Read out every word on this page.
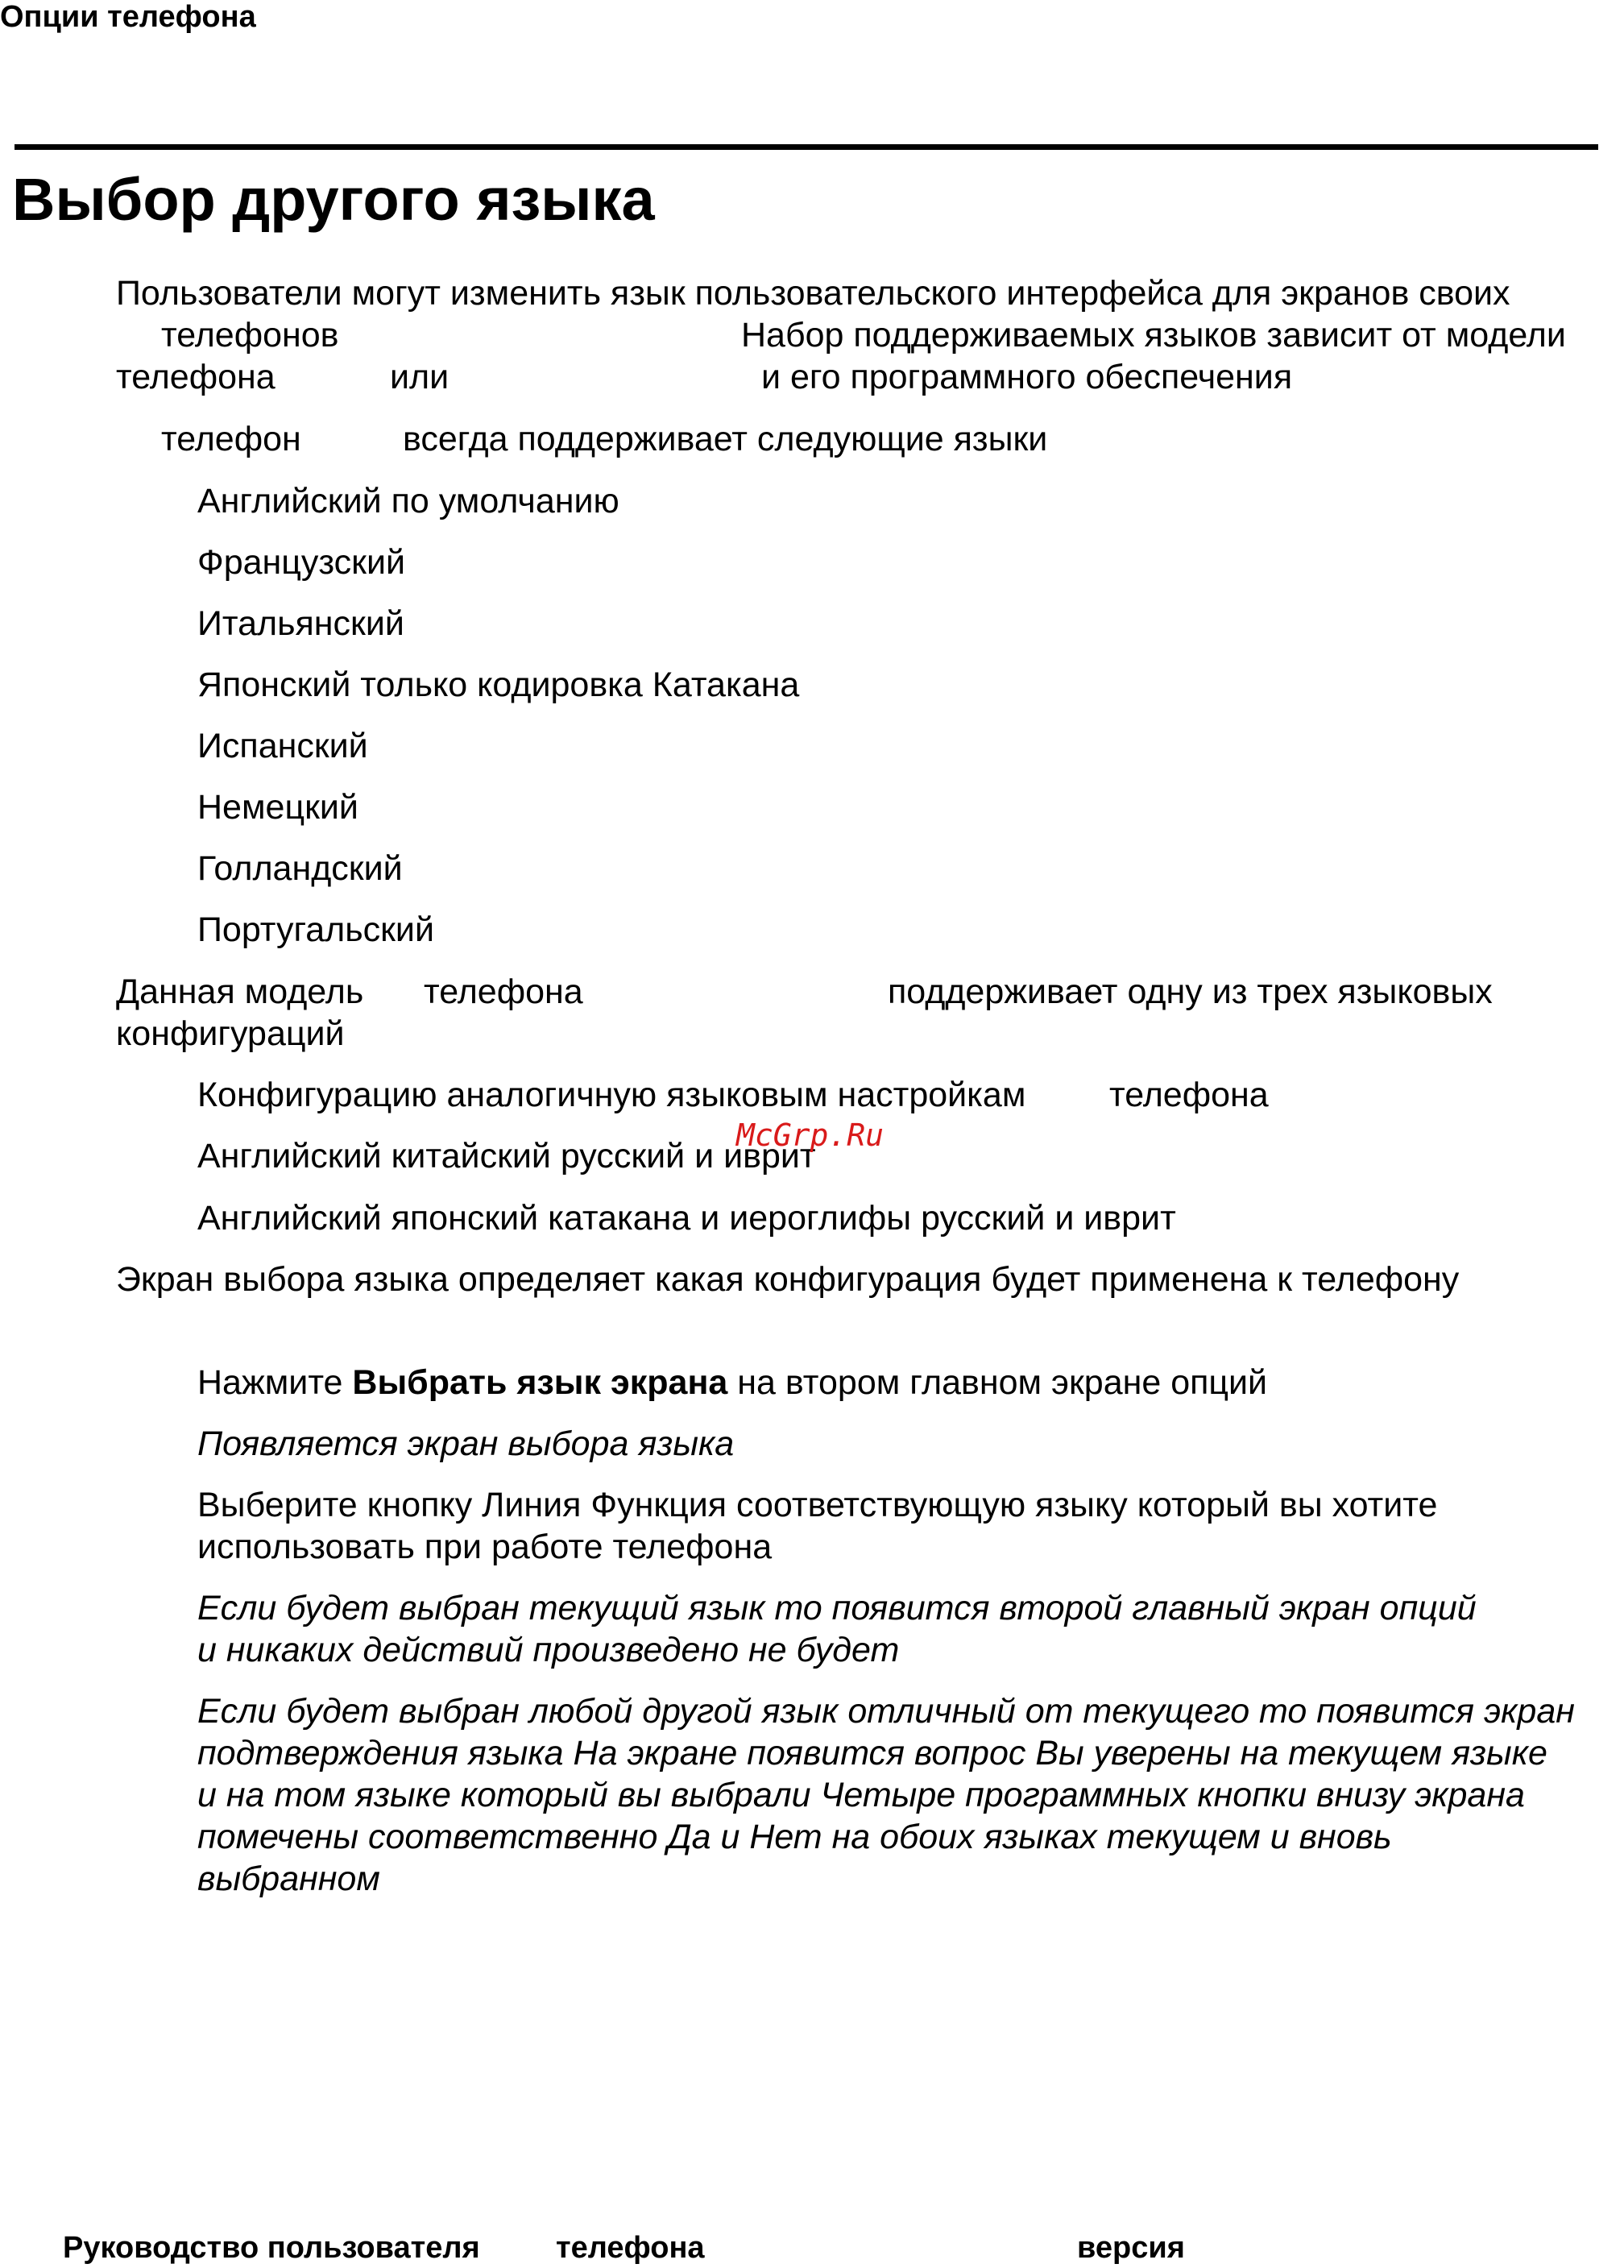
Опции телефона
Выбор другого языка
Пользователи могут изменить язык пользовательского интерфейса для экранов своих
телефонов	Набор поддерживаемых языков зависит от модели
телефона	или	и его программного обеспечения
телефон	всегда поддерживает следующие языки
Английский по умолчанию
Французский
Итальянский
Японский только кодировка Катакана
Испанский
Немецкий
Голландский
Португальский
Данная модель телефона	поддерживает одну из трех языковых
конфигураций
Конфигурацию аналогичную языковым настройкам телефона
Английский китайский русский и иврит
Английский японский катакана и иероглифы русский и иврит
McGrp.Ru
Экран выбора языка определяет какая конфигурация будет применена к телефону
Нажмите Выбрать язык экрана на втором главном экране опций
Появляется экран выбора языка
Выберите кнопку Линия Функция соответствующую языку который вы хотите
использовать при работе телефона
Если будет выбран текущий язык то появится второй главный экран опций
и никаких действий произведено не будет
Если будет выбран любой другой язык отличный от текущего то появится экран
подтверждения языка На экране появится вопрос Вы уверены на текущем языке
и на том языке который вы выбрали Четыре программных кнопки внизу экрана
помечены соответственно Да и Нет на обоих языках текущем и вновь
выбранном
Руководство пользователя телефона	версия
